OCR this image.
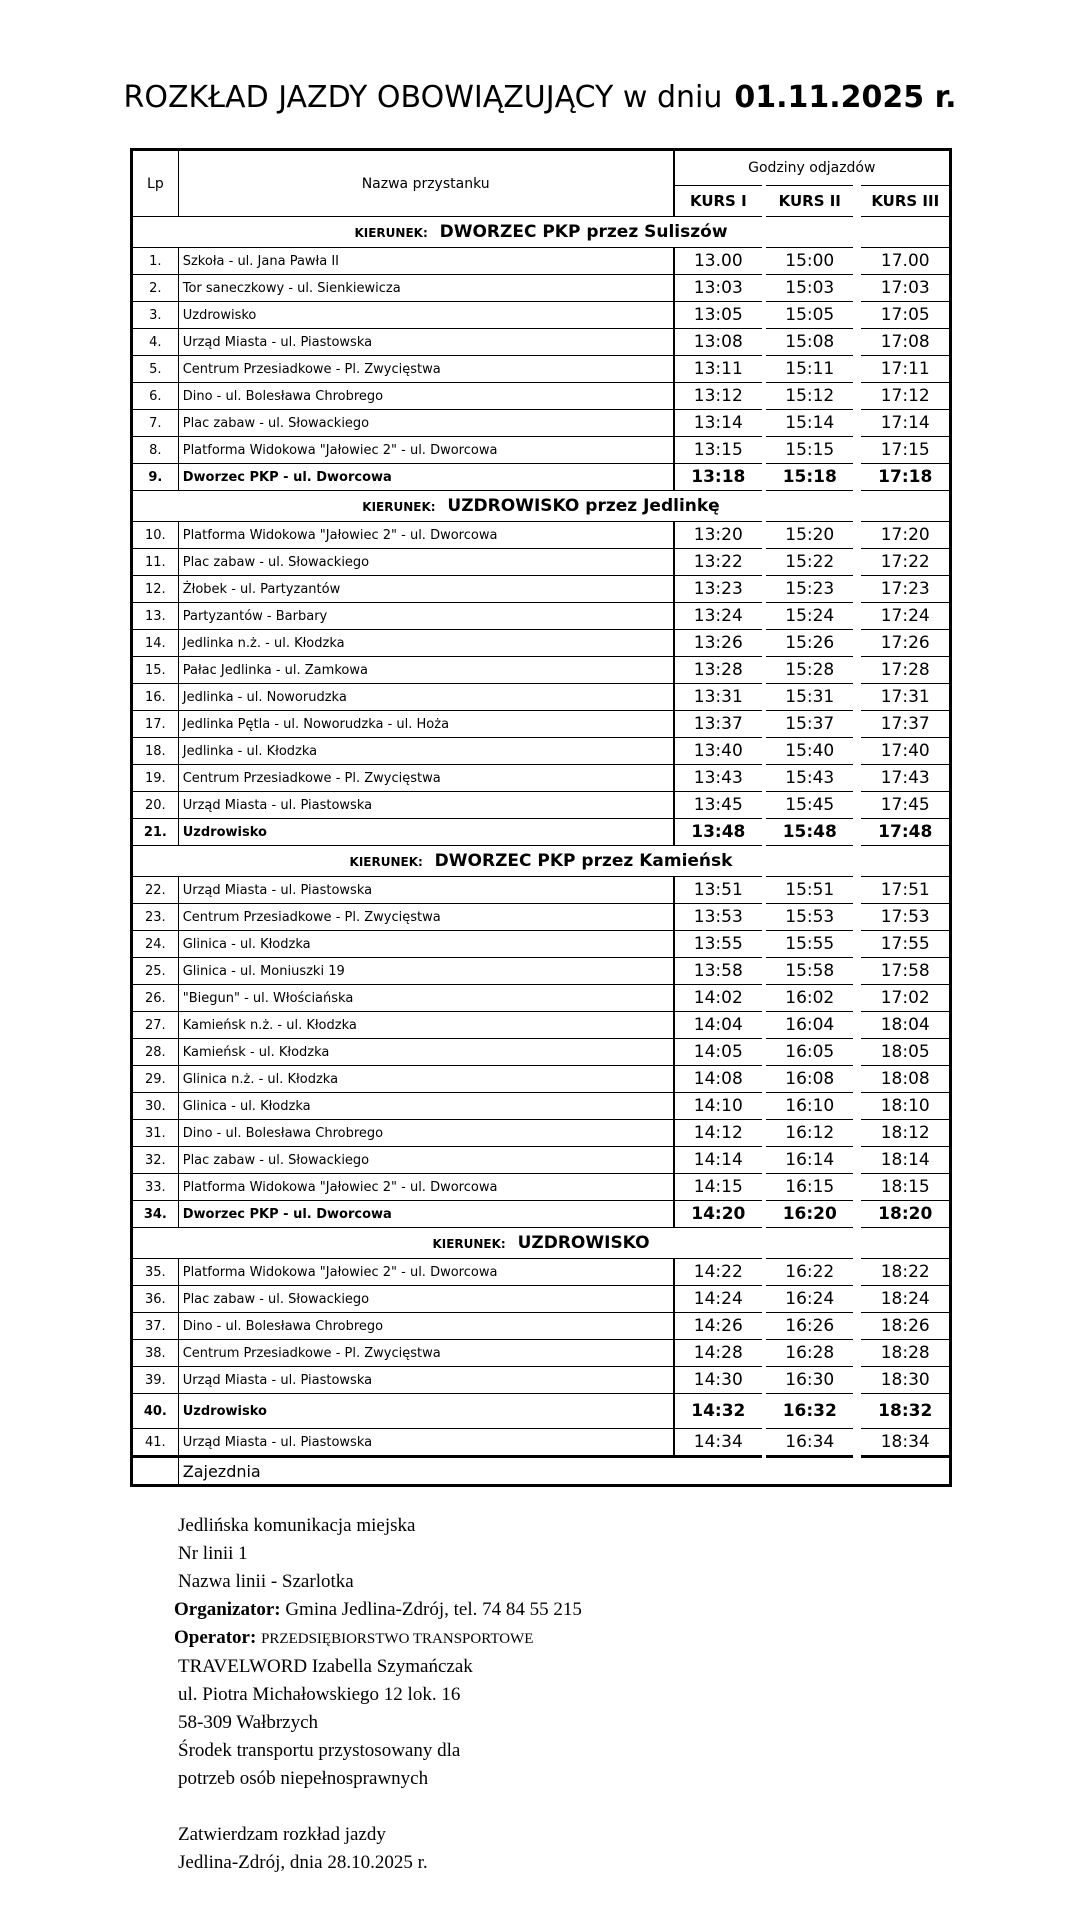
ROZKŁAD JAZDY OBOWIĄZUJĄCY w dniu 01.11.2025 r.
Lp	Nazwa przystanku	Godziny odjazdów		
		KURS I	KURS II	KURS III
KIERUNEK: DWORZEC PKP przez Suliszów				
1.	Szkoła - ul. Jana Pawła II	13.00	15:00	17.00
2.	Tor saneczkowy - ul. Sienkiewicza	13:03	15:03	17:03
3.	Uzdrowisko	13:05	15:05	17:05
4.	Urząd Miasta - ul. Piastowska	13:08	15:08	17:08
5.	Centrum Przesiadkowe - Pl. Zwycięstwa	13:11	15:11	17:11
6.	Dino - ul. Bolesława Chrobrego	13:12	15:12	17:12
7.	Plac zabaw - ul. Słowackiego	13:14	15:14	17:14
8.	Platforma Widokowa "Jałowiec 2" - ul. Dworcowa	13:15	15:15	17:15
9.	Dworzec PKP - ul. Dworcowa	13:18	15:18	17:18
KIERUNEK: UZDROWISKO przez Jedlinkę				
10.	Platforma Widokowa "Jałowiec 2" - ul. Dworcowa	13:20	15:20	17:20
11.	Plac zabaw - ul. Słowackiego	13:22	15:22	17:22
12.	Żłobek - ul. Partyzantów	13:23	15:23	17:23
13.	Partyzantów - Barbary	13:24	15:24	17:24
14.	Jedlinka n.ż. - ul. Kłodzka	13:26	15:26	17:26
15.	Pałac Jedlinka - ul. Zamkowa	13:28	15:28	17:28
16.	Jedlinka - ul. Noworudzka	13:31	15:31	17:31
17.	Jedlinka Pętla - ul. Noworudzka - ul. Hoża	13:37	15:37	17:37
18.	Jedlinka - ul. Kłodzka	13:40	15:40	17:40
19.	Centrum Przesiadkowe - Pl. Zwycięstwa	13:43	15:43	17:43
20.	Urząd Miasta - ul. Piastowska	13:45	15:45	17:45
21.	Uzdrowisko	13:48	15:48	17:48
KIERUNEK: DWORZEC PKP przez Kamieńsk				
22.	Urząd Miasta - ul. Piastowska	13:51	15:51	17:51
23.	Centrum Przesiadkowe - Pl. Zwycięstwa	13:53	15:53	17:53
24.	Glinica - ul. Kłodzka	13:55	15:55	17:55
25.	Glinica - ul. Moniuszki 19	13:58	15:58	17:58
26.	"Biegun" - ul. Włościańska	14:02	16:02	17:02
27.	Kamieńsk n.ż. - ul. Kłodzka	14:04	16:04	18:04
28.	Kamieńsk - ul. Kłodzka	14:05	16:05	18:05
29.	Glinica n.ż. - ul. Kłodzka	14:08	16:08	18:08
30.	Glinica - ul. Kłodzka	14:10	16:10	18:10
31.	Dino - ul. Bolesława Chrobrego	14:12	16:12	18:12
32.	Plac zabaw - ul. Słowackiego	14:14	16:14	18:14
33.	Platforma Widokowa "Jałowiec 2" - ul. Dworcowa	14:15	16:15	18:15
34.	Dworzec PKP - ul. Dworcowa	14:20	16:20	18:20
KIERUNEK: UZDROWISKO				
35.	Platforma Widokowa "Jałowiec 2" - ul. Dworcowa	14:22	16:22	18:22
36.	Plac zabaw - ul. Słowackiego	14:24	16:24	18:24
37.	Dino - ul. Bolesława Chrobrego	14:26	16:26	18:26
38.	Centrum Przesiadkowe - Pl. Zwycięstwa	14:28	16:28	18:28
39.	Urząd Miasta - ul. Piastowska	14:30	16:30	18:30
40.	Uzdrowisko	14:32	16:32	18:32
41.	Urząd Miasta - ul. Piastowska	14:34	16:34	18:34
	Zajezdnia			
Jedlińska komunikacja miejska
Nr linii 1
Nazwa linii - Szarlotka
Organizator: Gmina Jedlina-Zdrój, tel. 74 84 55 215
Operator: PRZEDSIĘBIORSTWO TRANSPORTOWE
TRAVELWORD Izabella Szymańczak
ul. Piotra Michałowskiego 12 lok. 16
58-309 Wałbrzych
Środek transportu przystosowany dla
potrzeb osób niepełnosprawnych
Zatwierdzam rozkład jazdy
Jedlina-Zdrój, dnia 28.10.2025 r.
